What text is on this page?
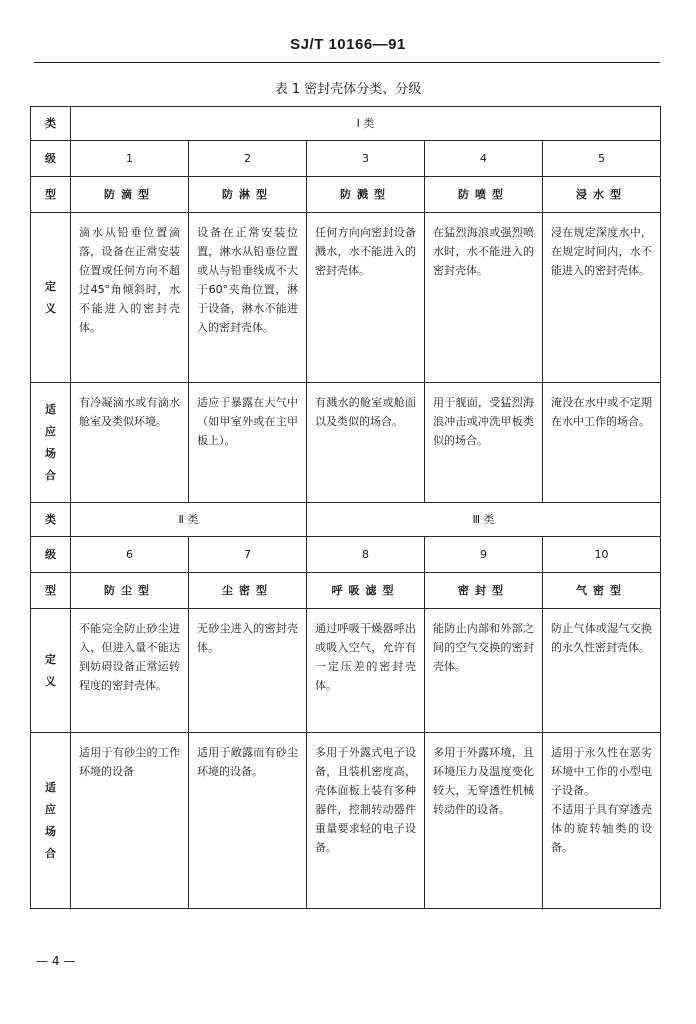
SJ/T 10166—91
表 1 密封壳体分类、分级
类	I 类				
级	1	2	3	4	5
型	防滴型	防淋型	防溅型	防喷型	浸水型
定义	滴水从铅垂位置滴落，设备在正常安装位置或任何方向不超过45°角倾斜时，水不能进入的密封壳体。	设备在正常安装位置，淋水从铅垂位置或从与铅垂线成不大于60°夹角位置，淋于设备，淋水不能进入的密封壳体。	任何方向向密封设备溅水，水不能进入的密封壳体。	在猛烈海浪或强烈喷水时，水不能进入的密封壳体。	浸在规定深度水中，在规定时间内，水不能进入的密封壳体。
适应场合	有冷凝滴水或有滴水舱室及类似环境。	适应于暴露在大气中（如甲室外或在主甲板上）。	有溅水的舱室或舱面以及类似的场合。	用于舰面，受猛烈海浪冲击或冲洗甲板类似的场合。	淹没在水中或不定期在水中工作的场合。
类	Ⅱ 类		Ⅲ 类		
级	6	7	8	9	10
型	防尘型	尘密型	呼吸滤型	密封型	气密型
定义	不能完全防止砂尘进入，但进入量不能达到妨碍设备正常运转程度的密封壳体。	无砂尘进入的密封壳体。	通过呼吸干燥器呼出或吸入空气，允许有一定压差的密封壳体。	能防止内部和外部之间的空气交换的密封壳体。	防止气体或湿气交换的永久性密封壳体。
适应场合	适用于有砂尘的工作环境的设备	适用于敞露而有砂尘环境的设备。	多用于外露式电子设备，且装机密度高，壳体面板上装有多种器件，控制转动器件重量要求轻的电子设备。	多用于外露环境，且环境压力及温度变化较大，无穿透性机械转动件的设备。	适用于永久性在恶劣环境中工作的小型电子设备。
不适用于具有穿透壳体的旋转轴类的设备。
— 4 —
